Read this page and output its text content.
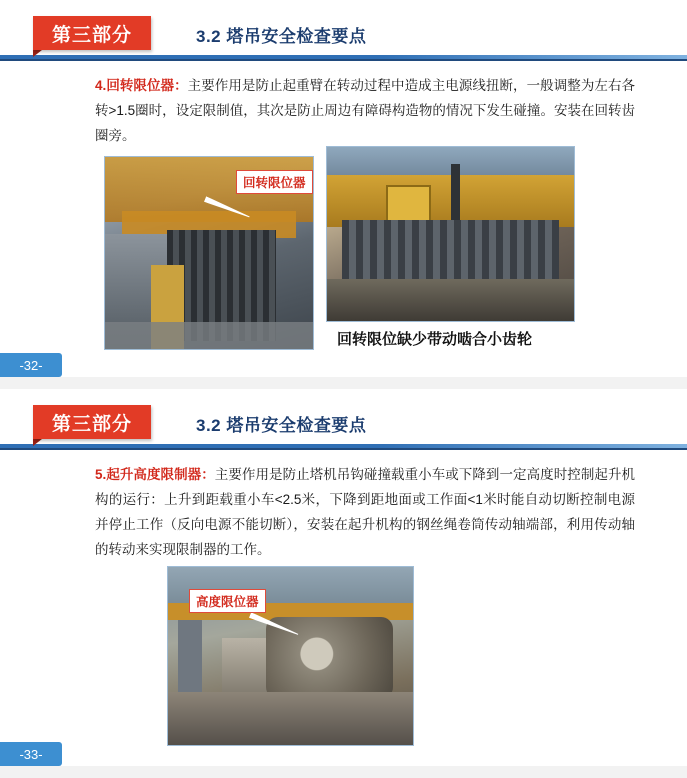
第三部分	3.2 塔吊安全检查要点
4.回转限位器：主要作用是防止起重臂在转动过程中造成主电源线扭断，一般调整为左右各转>1.5圈时，设定限制值，其次是防止周边有障碍构造物的情况下发生碰撞。安装在回转齿圈旁。
回转限位器
回转限位缺少带动啮合小齿轮
-32-
第三部分	3.2 塔吊安全检查要点
5.起升高度限制器：主要作用是防止塔机吊钩碰撞载重小车或下降到一定高度时控制起升机构的运行：上升到距载重小车<2.5米，下降到距地面或工作面<1米时能自动切断控制电源并停止工作（反向电源不能切断），安装在起升机构的钢丝绳卷筒传动轴端部，利用传动轴的转动来实现限制器的工作。
高度限位器
-33-
